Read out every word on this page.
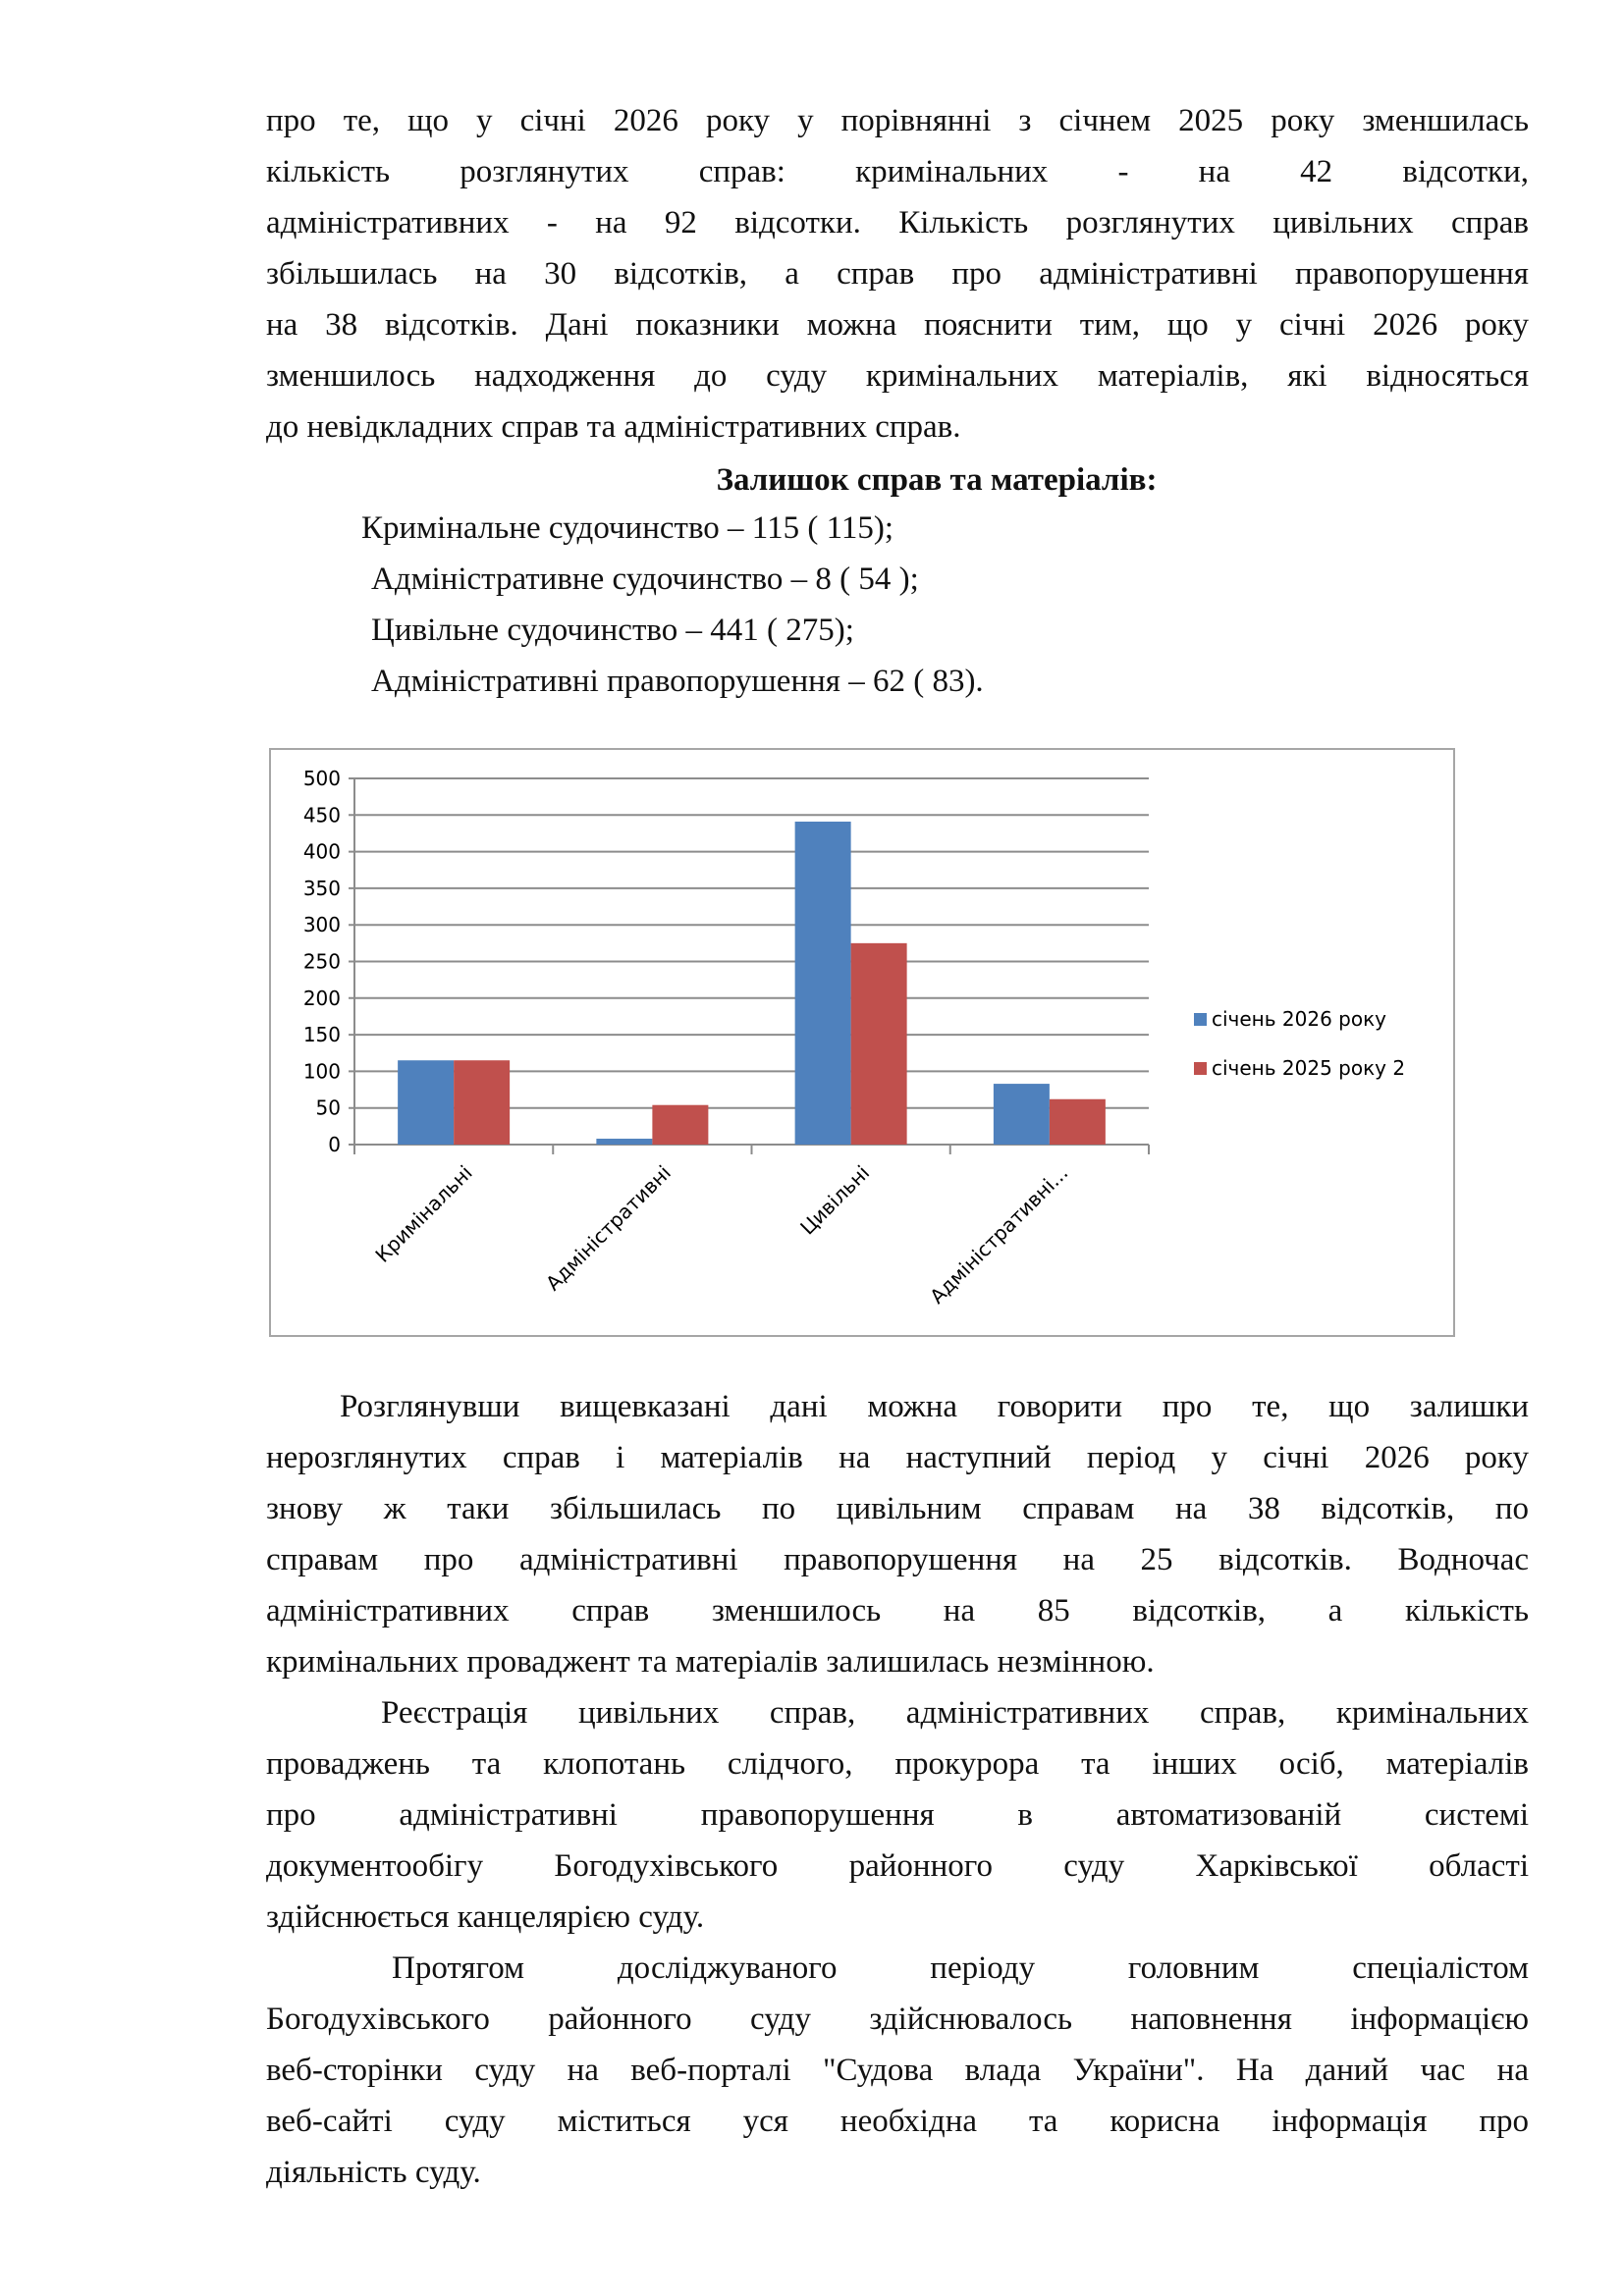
про те, що у січні 2026 року у порівнянні з січнем 2025 року зменшилась
кількість розглянутих справ: кримінальних - на 42 відсотки,
адміністративних - на 92 відсотки. Кількість розглянутих цивільних справ
збільшилась на 30 відсотків, а справ про адміністративні правопорушення
на 38 відсотків. Дані показники можна пояснити тим, що у січні 2026 року
зменшилось надходження до суду кримінальних матеріалів, які відносяться
до невідкладних справ та адміністративних справ.
Залишок справ та матеріалів:
Кримінальне судочинство – 115 ( 115);
Адміністративне судочинство – 8 ( 54 );
Цивільне судочинство – 441 ( 275);
Адміністративні правопорушення – 62 ( 83).
0
50
100
150
200
250
300
350
400
450
500
Кримінальні	Адміністративні	Цивільні	Адміністративні...
січень 2026 року
січень 2025 року 2
Розглянувши вищевказані дані можна говорити про те, що залишки
нерозглянутих справ і матеріалів на наступний період у січні 2026 року
знову ж таки збільшилась по цивільним справам на 38 відсотків, по
справам про адміністративні правопорушення на 25 відсотків. Водночас
адміністративних справ зменшилось на 85 відсотків, а кількість
кримінальних проваджент та матеріалів залишилась незмінною.
Реєстрація цивільних справ, адміністративних справ, кримінальних
проваджень та клопотань слідчого, прокурора та інших осіб, матеріалів
про адміністративні правопорушення в автоматизованій системі
документообігу Богодухівського районного суду Харківської області
здійснюється канцелярією суду.
Протягом досліджуваного періоду головним спеціалістом
Богодухівського районного суду здійснювалось наповнення інформацією
веб-сторінки суду на веб-порталі "Судова влада України". На даний час на
веб-сайті суду міститься уся необхідна та корисна інформація про
діяльність суду.
